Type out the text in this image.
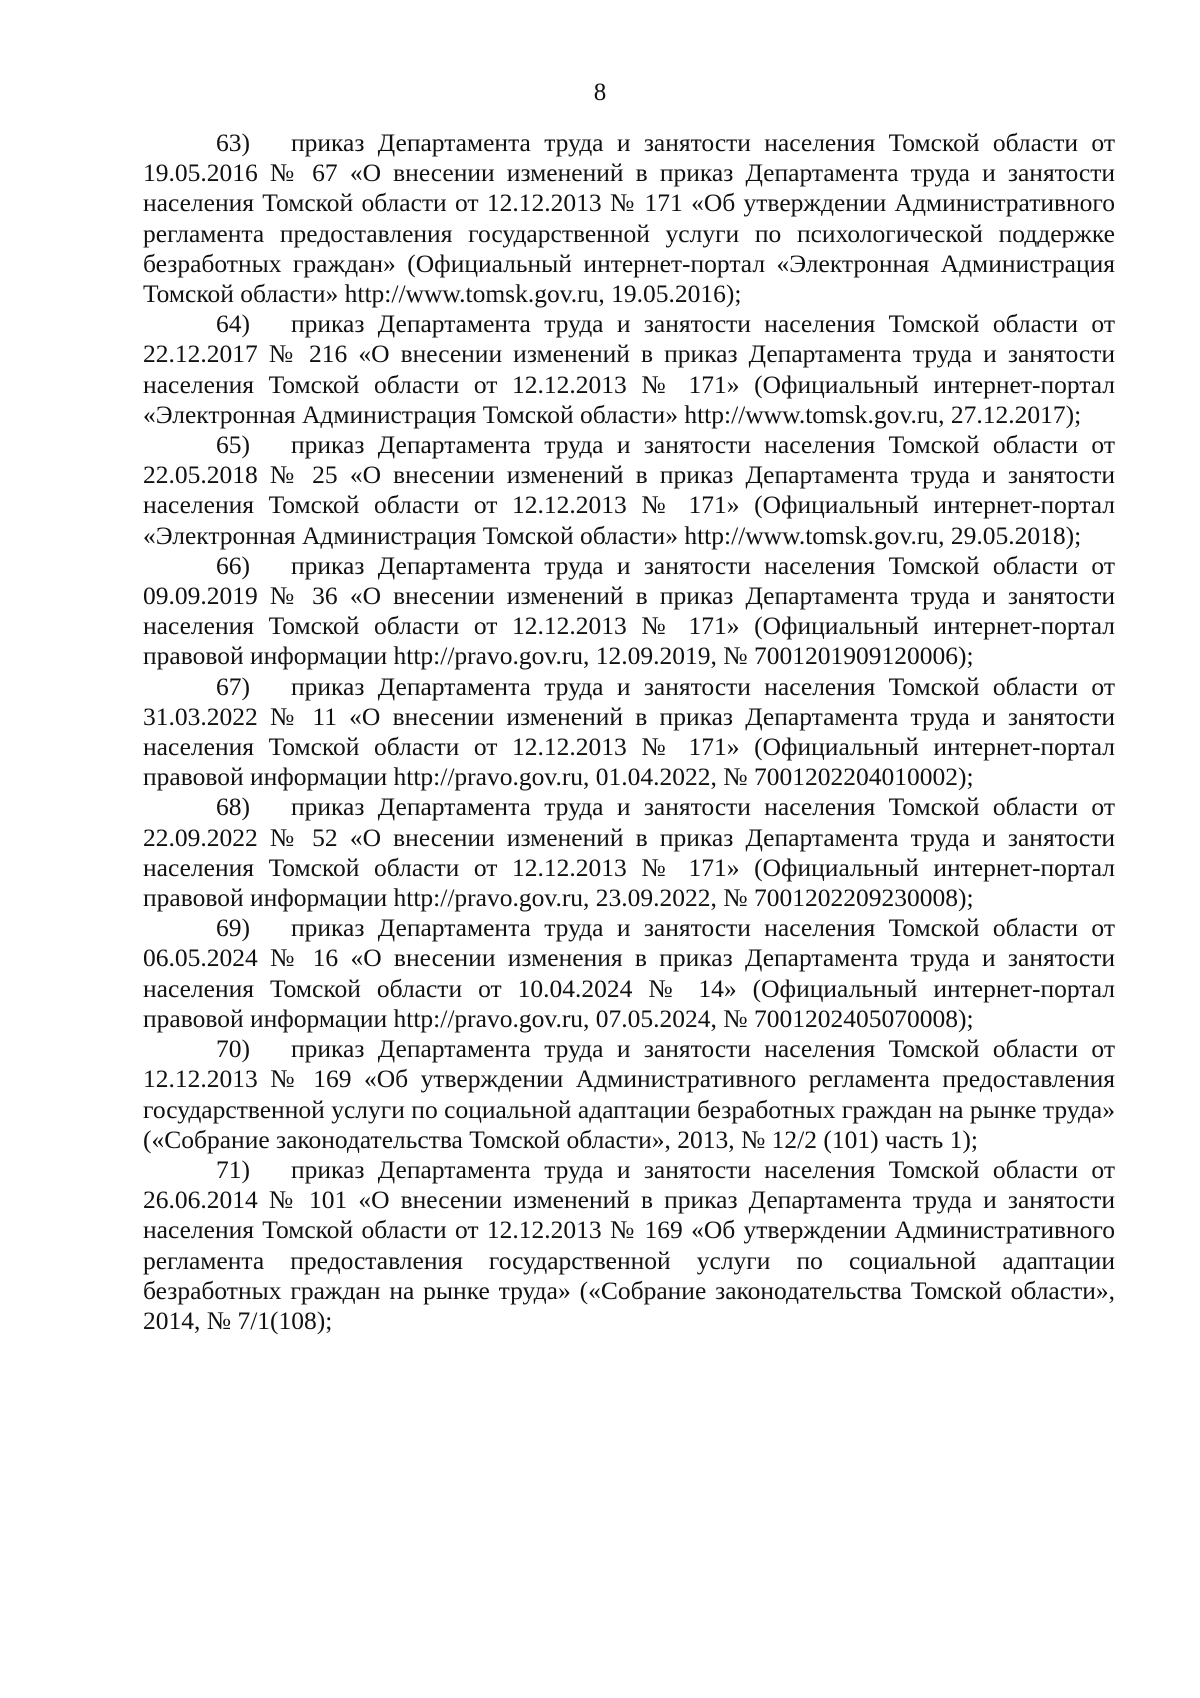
8

63) приказ Департамента труда и занятости населения Томской области от 19.05.2016 № 67 «О внесении изменений в приказ Департамента труда и занятости населения Томской области от 12.12.2013 № 171 «Об утверждении Административного регламента предоставления государственной услуги по психологической поддержке безработных граждан» (Официальный интернет-портал «Электронная Администрация Томской области» http://www.tomsk.gov.ru, 19.05.2016);

64) приказ Департамента труда и занятости населения Томской области от 22.12.2017 № 216 «О внесении изменений в приказ Департамента труда и занятости населения Томской области от 12.12.2013 № 171» (Официальный интернет-портал «Электронная Администрация Томской области» http://www.tomsk.gov.ru, 27.12.2017);

65) приказ Департамента труда и занятости населения Томской области от 22.05.2018 № 25 «О внесении изменений в приказ Департамента труда и занятости населения Томской области от 12.12.2013 № 171» (Официальный интернет-портал «Электронная Администрация Томской области» http://www.tomsk.gov.ru, 29.05.2018);

66) приказ Департамента труда и занятости населения Томской области от 09.09.2019 № 36 «О внесении изменений в приказ Департамента труда и занятости населения Томской области от 12.12.2013 № 171» (Официальный интернет-портал правовой информации http://pravo.gov.ru, 12.09.2019, № 7001201909120006);

67) приказ Департамента труда и занятости населения Томской области от 31.03.2022 № 11 «О внесении изменений в приказ Департамента труда и занятости населения Томской области от 12.12.2013 № 171» (Официальный интернет-портал правовой информации http://pravo.gov.ru, 01.04.2022, № 7001202204010002);

68) приказ Департамента труда и занятости населения Томской области от 22.09.2022 № 52 «О внесении изменений в приказ Департамента труда и занятости населения Томской области от 12.12.2013 № 171» (Официальный интернет-портал правовой информации http://pravo.gov.ru, 23.09.2022, № 7001202209230008);

69) приказ Департамента труда и занятости населения Томской области от 06.05.2024 № 16 «О внесении изменения в приказ Департамента труда и занятости населения Томской области от 10.04.2024 № 14» (Официальный интернет-портал правовой информации http://pravo.gov.ru, 07.05.2024, № 7001202405070008);

70) приказ Департамента труда и занятости населения Томской области от 12.12.2013 № 169 «Об утверждении Административного регламента предоставления государственной услуги по социальной адаптации безработных граждан на рынке труда» («Собрание законодательства Томской области», 2013, № 12/2 (101) часть 1);

71) приказ Департамента труда и занятости населения Томской области от 26.06.2014 № 101 «О внесении изменений в приказ Департамента труда и занятости населения Томской области от 12.12.2013 № 169 «Об утверждении Административного регламента предоставления государственной услуги по социальной адаптации безработных граждан на рынке труда» («Собрание законодательства Томской области», 2014, № 7/1(108);
